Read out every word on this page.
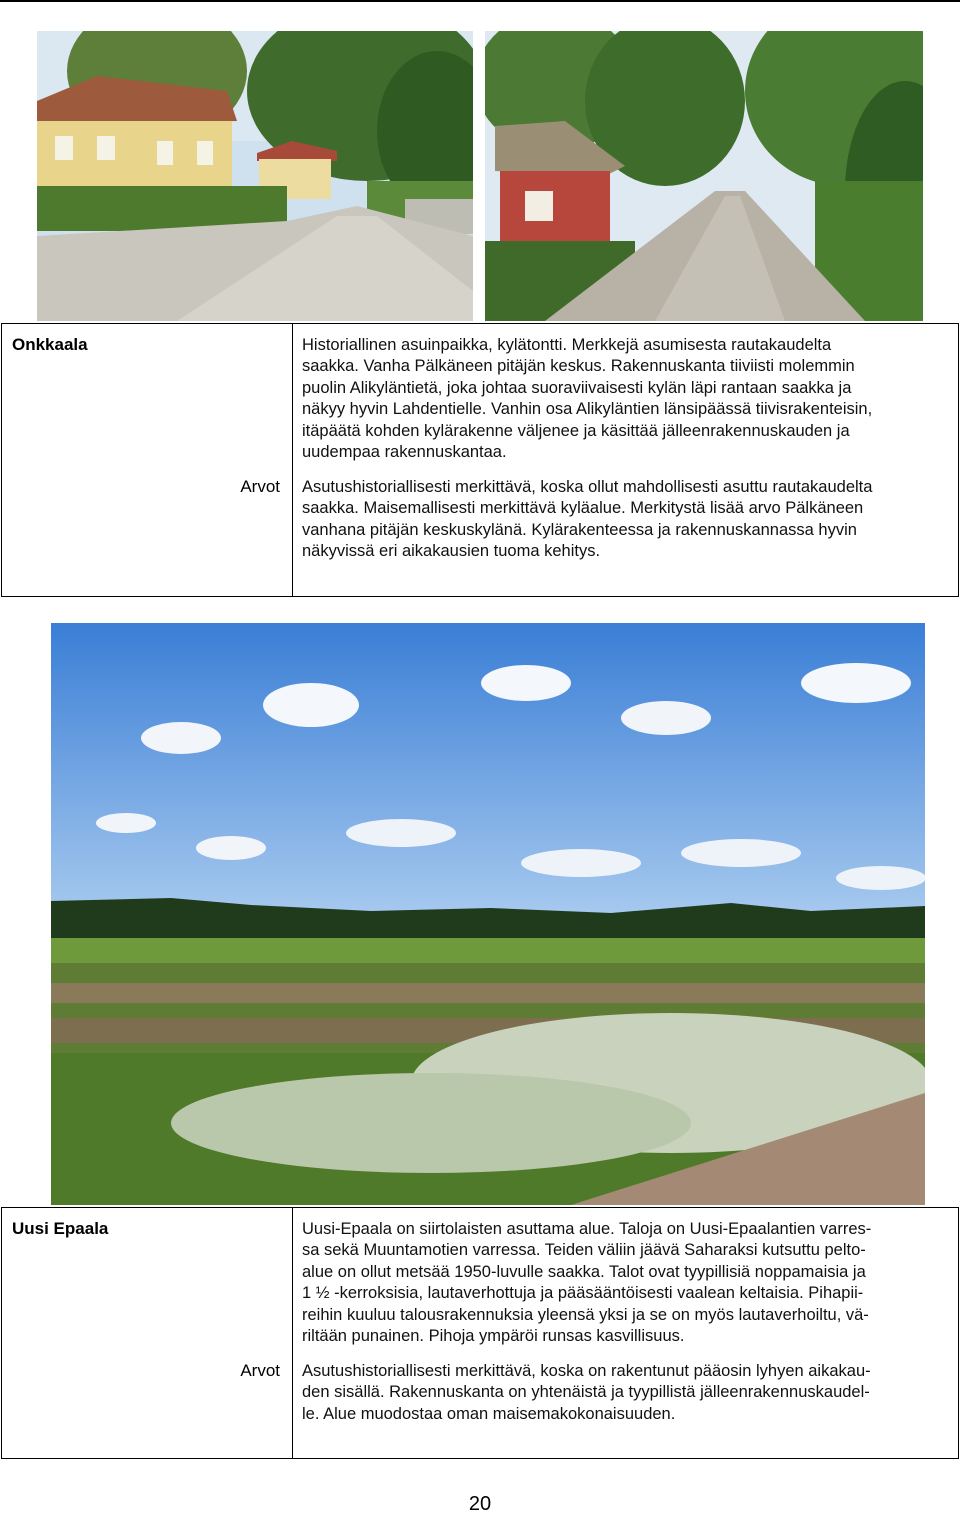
Onkkaala	Historiallinen asuinpaikka, kylätontti. Merkkejä asumisesta rautakaudelta
saakka. Vanha Pälkäneen pitäjän keskus. Rakennuskanta tiiviisti molemmin
puolin Alikyläntietä, joka johtaa suoraviivaisesti kylän läpi rantaan saakka ja
näkyy hyvin Lahdentielle. Vanhin osa Alikyläntien länsipäässä tiivisrakenteisin,
itäpäätä kohden kylärakenne väljenee ja käsittää jälleenrakennuskauden ja
uudempaa rakennuskantaa.
Arvot Asutushistoriallisesti merkittävä, koska ollut mahdollisesti asuttu rautakaudelta
saakka. Maisemallisesti merkittävä kyläalue. Merkitystä lisää arvo Pälkäneen
vanhana pitäjän keskuskylänä. Kylärakenteessa ja rakennuskannassa hyvin
näkyvissä eri aikakausien tuoma kehitys.
Uusi Epaala	Uusi-Epaala on siirtolaisten asuttama alue. Taloja on Uusi-Epaalantien varres-
sa sekä Muuntamotien varressa. Teiden väliin jäävä Saharaksi kutsuttu pelto-
alue on ollut metsää 1950-luvulle saakka. Talot ovat tyypillisiä noppamaisia ja
1 ½ -kerroksisia, lautaverhottuja ja pääsääntöisesti vaalean keltaisia. Pihapii-
reihin kuuluu talousrakennuksia yleensä yksi ja se on myös lautaverhoiltu, vä-
riltään punainen. Pihoja ympäröi runsas kasvillisuus.
Arvot Asutushistoriallisesti merkittävä, koska on rakentunut pääosin lyhyen aikakau-
den sisällä. Rakennuskanta on yhtenäistä ja tyypillistä jälleenrakennuskaudel-
le. Alue muodostaa oman maisemakokonaisuuden.
20
